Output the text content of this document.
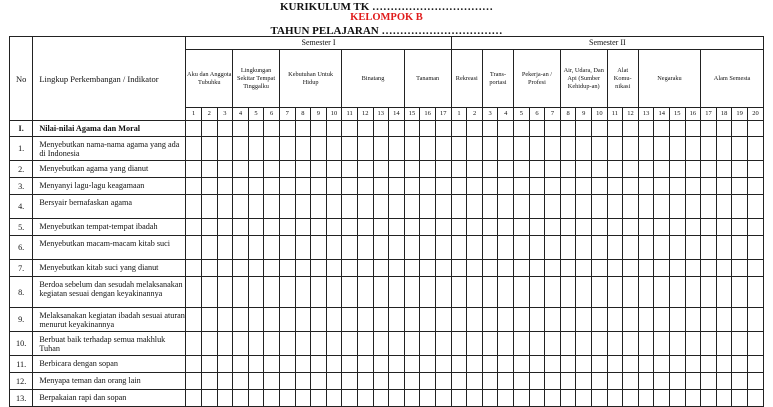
KURIKULUM TK ……………………………
KELOMPOK B
TAHUN PELAJARAN ……………………………
No	Lingkup Perkembangan / Indikator	Semester I																	Semester II																			
		Aku dan Anggota Tubuhku			Lingkungan Sekitar Tempat Tinggalku			Kebutuhan Untuk Hidup				Binatang				Tanaman			Rekreasi		Trans-portasi		Pekerja-an / Profesi			Air, Udara, Dan Api (Sumber Kehidup-an)			Alat Komu-nikasi		Negaraku				Alam Semesta			
		1	2	3	4	5	6	7	8	9	10	11	12	13	14	15	16	17	1	2	3	4	5	6	7	8	9	10	11	12	13	14	15	16	17	18	19	20
I.	Nilai-nilai Agama dan Moral																																					
1.	Menyebutkan nama-nama agama yang ada di Indonesia																																					
2.	Menyebutkan agama yang dianut																																					
3.	Menyanyi lagu-lagu keagamaan																																					
4.	Bersyair bernafaskan agama																																					
5.	Menyebutkan tempat-tempat ibadah																																					
6.	Menyebutkan macam-macam kitab suci																																					
7.	Menyebutkan kitab suci yang dianut																																					
8.	Berdoa sebelum dan sesudah melaksanakan kegiatan sesuai dengan keyakinannya																																					
9.	Melaksanakan kegiatan ibadah sesuai aturan menurut keyakinannya																																					
10.	Berbuat baik terhadap semua makhluk Tuhan																																					
11.	Berbicara dengan sopan																																					
12.	Menyapa teman dan orang lain																																					
13.	Berpakaian rapi dan sopan																																					
